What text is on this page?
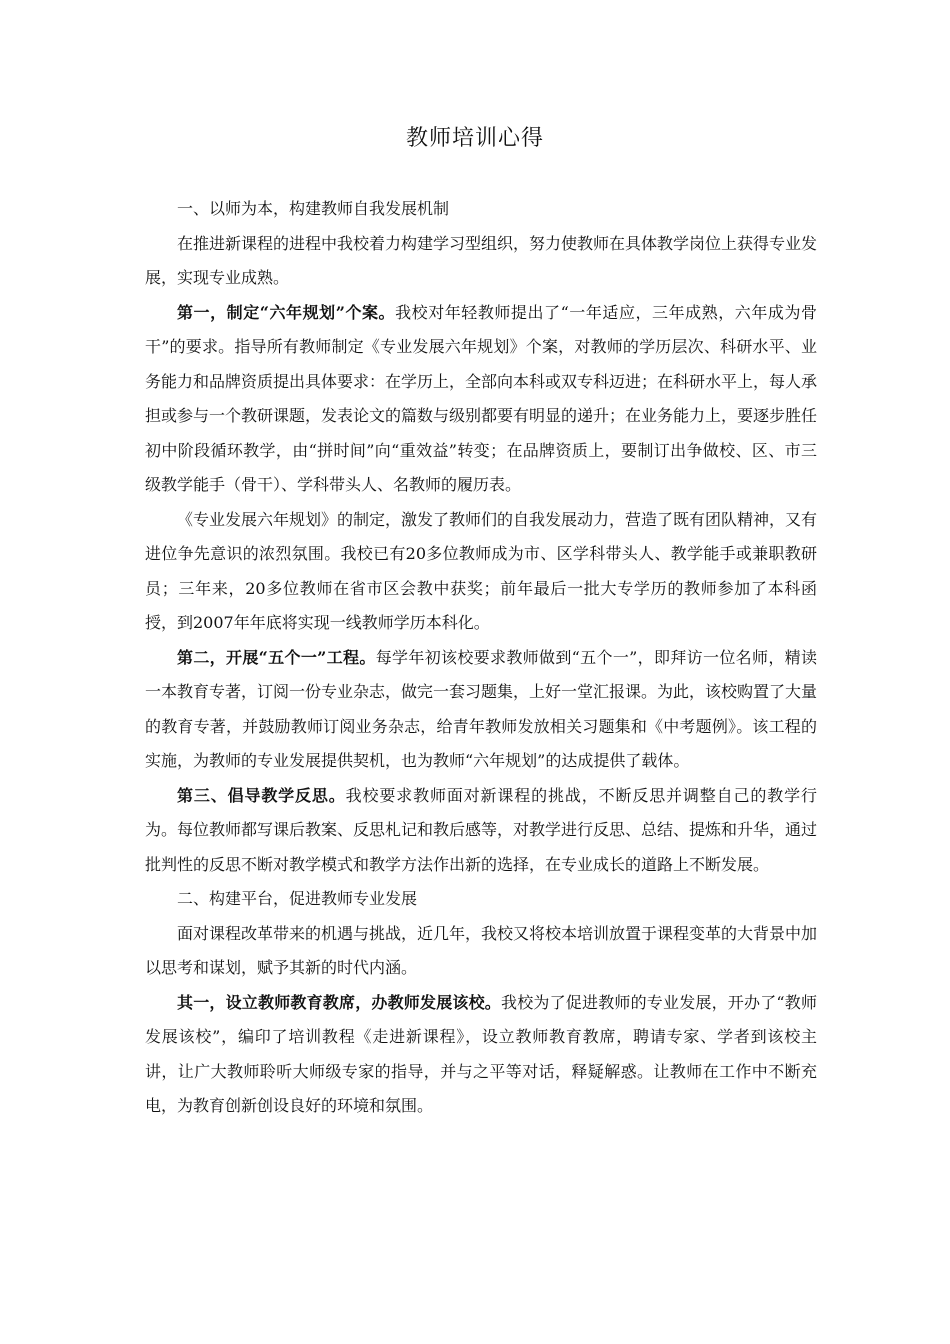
教师培训心得

一、以师为本，构建教师自我发展机制

在推进新课程的进程中我校着力构建学习型组织，努力使教师在具体教学岗位上获得专业发展，实现专业成熟。

第一，制定“六年规划”个案。我校对年轻教师提出了“一年适应，三年成熟，六年成为骨干”的要求。指导所有教师制定《专业发展六年规划》个案，对教师的学历层次、科研水平、业务能力和品牌资质提出具体要求：在学历上，全部向本科或双专科迈进；在科研水平上，每人承担或参与一个教研课题，发表论文的篇数与级别都要有明显的递升；在业务能力上，要逐步胜任初中阶段循环教学，由“拼时间”向“重效益”转变；在品牌资质上，要制订出争做校、区、市三级教学能手（骨干）、学科带头人、名教师的履历表。

《专业发展六年规划》的制定，激发了教师们的自我发展动力，营造了既有团队精神，又有进位争先意识的浓烈氛围。我校已有20多位教师成为市、区学科带头人、教学能手或兼职教研员；三年来，20多位教师在省市区会教中获奖；前年最后一批大专学历的教师参加了本科函授，到2007年年底将实现一线教师学历本科化。

第二，开展“五个一”工程。每学年初该校要求教师做到“五个一”，即拜访一位名师，精读一本教育专著，订阅一份专业杂志，做完一套习题集，上好一堂汇报课。为此，该校购置了大量的教育专著，并鼓励教师订阅业务杂志，给青年教师发放相关习题集和《中考题例》。该工程的实施，为教师的专业发展提供契机，也为教师“六年规划”的达成提供了载体。

第三、倡导教学反思。我校要求教师面对新课程的挑战，不断反思并调整自己的教学行为。每位教师都写课后教案、反思札记和教后感等，对教学进行反思、总结、提炼和升华，通过批判性的反思不断对教学模式和教学方法作出新的选择，在专业成长的道路上不断发展。

二、构建平台，促进教师专业发展

面对课程改革带来的机遇与挑战，近几年，我校又将校本培训放置于课程变革的大背景中加以思考和谋划，赋予其新的时代内涵。

其一，设立教师教育教席，办教师发展该校。我校为了促进教师的专业发展，开办了“教师发展该校”，编印了培训教程《走进新课程》，设立教师教育教席，聘请专家、学者到该校主讲，让广大教师聆听大师级专家的指导，并与之平等对话，释疑解惑。让教师在工作中不断充电，为教育创新创设良好的环境和氛围。
